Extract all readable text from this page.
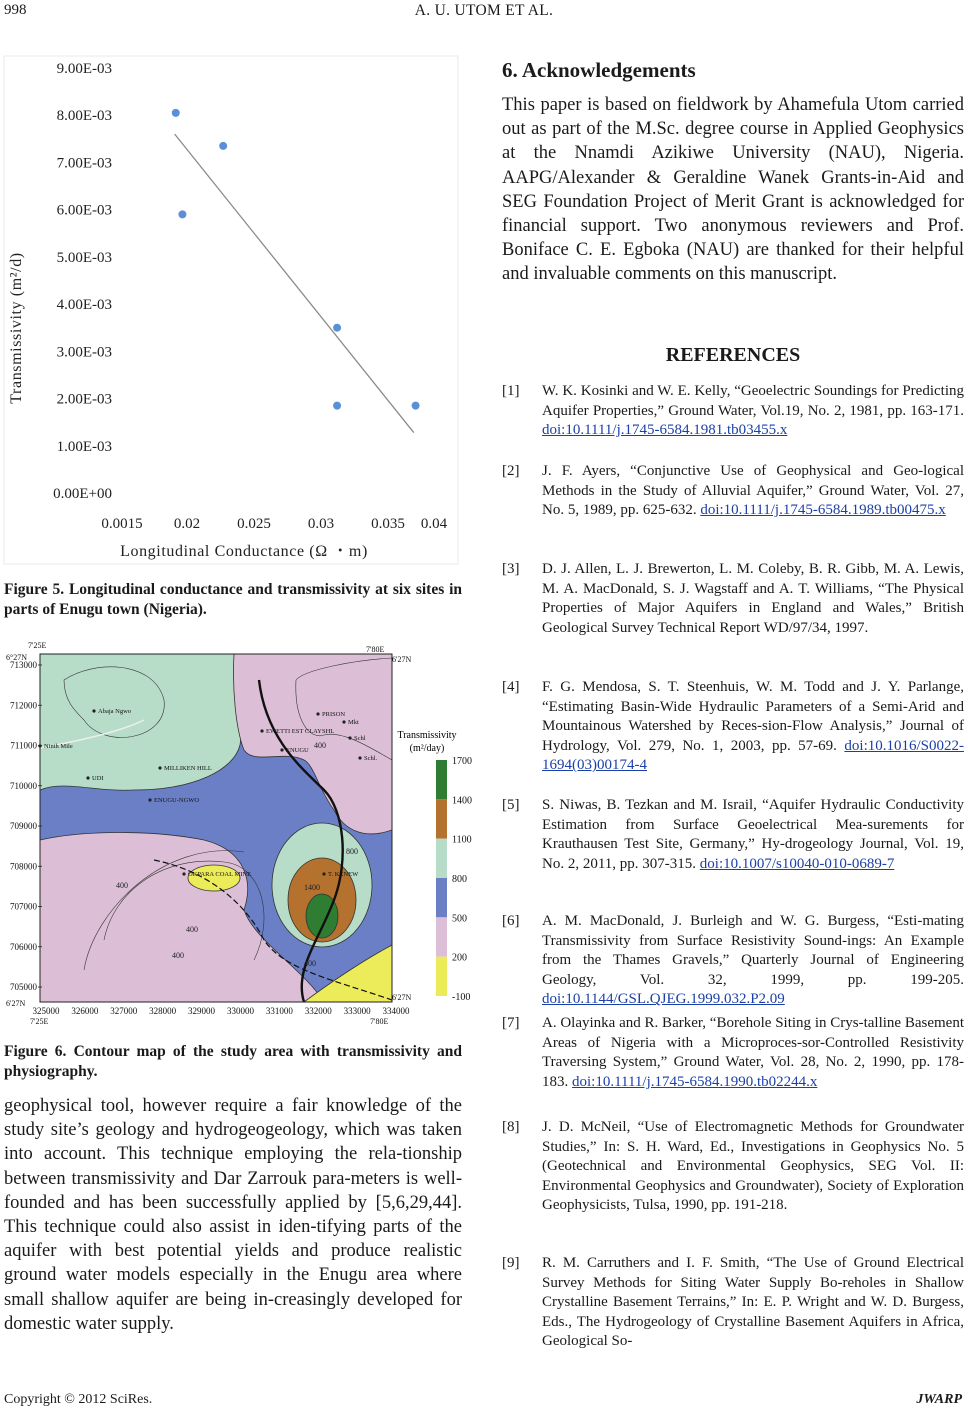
998	A. U. UTOM ET AL.
0.00E+00
1.00E-03
2.00E-03
3.00E-03
4.00E-03
5.00E-03
6.00E-03
7.00E-03
8.00E-03
9.00E-03
0.0015 0.02 0.025 0.03 0.035 0.04
Transmissivity (m²/d)
Longitudinal Conductance (Ω ・m)

Figure 5. Longitudinal conductance and transmissivity at six sites in parts of Enugu town (Nigeria).

713000
712000
711000
710000
709000
708000
707000
706000
705000
325000 326000 327000 328000 329000 330000 331000 332000 333000 334000
7'25E
6°27N
7'80E
6'27N
6'27N
7'25E
6'27N
7'80E
Abaja Ngwo
Ninth Mile
EWETTI EST CLAYSHL
PRISON
ENUGU
ENUGU-NGWO
OKPARA COAL MINE
MILLIKEN HILL
UDI
Schl
Mkt
T. KENEW
Schl.
1400
400
400
400
400
400
800
Transmissivity
(m²/day)
1700
1400
1100
800
500
200
-100

Figure 6. Contour map of the study area with transmissivity and physiography.

geophysical tool, however require a fair knowledge of the study site’s geology and hydrogeogeology, which was taken into account. This technique employing the rela-tionship between transmissivity and Dar Zarrouk para-meters is well-founded and has been successfully applied by [5,6,29,44]. This technique could also assist in iden-tifying parts of the aquifer with best potential yields and produce realistic ground water models especially in the Enugu area where small shallow aquifer are being in-creasingly developed for domestic water supply.

6. Acknowledgements

This paper is based on fieldwork by Ahamefula Utom carried out as part of the M.Sc. degree course in Applied Geophysics at the Nnamdi Azikiwe University (NAU), Nigeria. AAPG/Alexander & Geraldine Wanek Grants-in-Aid and SEG Foundation Project of Merit Grant is acknowledged for financial support. Two anonymous reviewers and Prof. Boniface C. E. Egboka (NAU) are thanked for their helpful and invaluable comments on this manuscript.

REFERENCES
[1] W. K. Kosinki and W. E. Kelly, “Geoelectric Soundings for Predicting Aquifer Properties,” Ground Water, Vol.19, No. 2, 1981, pp. 163-171. doi:10.1111/j.1745-6584.1981.tb03455.x
[2] J. F. Ayers, “Conjunctive Use of Geophysical and Geo-logical Methods in the Study of Alluvial Aquifer,” Ground Water, Vol. 27, No. 5, 1989, pp. 625-632. doi:10.1111/j.1745-6584.1989.tb00475.x
[3] D. J. Allen, L. J. Brewerton, L. M. Coleby, B. R. Gibb, M. A. Lewis, M. A. MacDonald, S. J. Wagstaff and A. T. Williams, “The Physical Properties of Major Aquifers in England and Wales,” British Geological Survey Technical Report WD/97/34, 1997.
[4] F. G. Mendosa, S. T. Steenhuis, W. M. Todd and J. Y. Parlange, “Estimating Basin-Wide Hydraulic Parameters of a Semi-Arid and Mountainous Watershed by Reces-sion-Flow Analysis,” Journal of Hydrology, Vol. 279, No. 1, 2003, pp. 57-69. doi:10.1016/S0022-1694(03)00174-4
[5] S. Niwas, B. Tezkan and M. Israil, “Aquifer Hydraulic Conductivity Estimation from Surface Geoelectrical Mea-surements for Krauthausen Test Site, Germany,” Hy-drogeology Journal, Vol. 19, No. 2, 2011, pp. 307-315. doi:10.1007/s10040-010-0689-7
[6] A. M. MacDonald, J. Burleigh and W. G. Burgess, “Esti-mating Transmissivity from Surface Resistivity Sound-ings: An Example from the Thames Gravels,” Quarterly Journal of Engineering Geology, Vol. 32, 1999, pp. 199-205. doi:10.1144/GSL.QJEG.1999.032.P2.09
[7] A. Olayinka and R. Barker, “Borehole Siting in Crys-talline Basement Areas of Nigeria with a Microproces-sor-Controlled Resistivity Traversing System,” Ground Water, Vol. 28, No. 2, 1990, pp. 178-183. doi:10.1111/j.1745-6584.1990.tb02244.x
[8] J. D. McNeil, “Use of Electromagnetic Methods for Groundwater Studies,” In: S. H. Ward, Ed., Investigations in Geophysics No. 5 (Geotechnical and Environmental Geophysics, SEG Vol. II: Environmental Geophysics and Groundwater), Society of Exploration Geophysicists, Tulsa, 1990, pp. 191-218.
[9] R. M. Carruthers and I. F. Smith, “The Use of Ground Electrical Survey Methods for Siting Water Supply Bo-reholes in Shallow Crystalline Basement Terrains,” In: E. P. Wright and W. D. Burgess, Eds., The Hydrogeology of Crystalline Basement Aquifers in Africa, Geological So-
Copyright © 2012 SciRes.	JWARP
